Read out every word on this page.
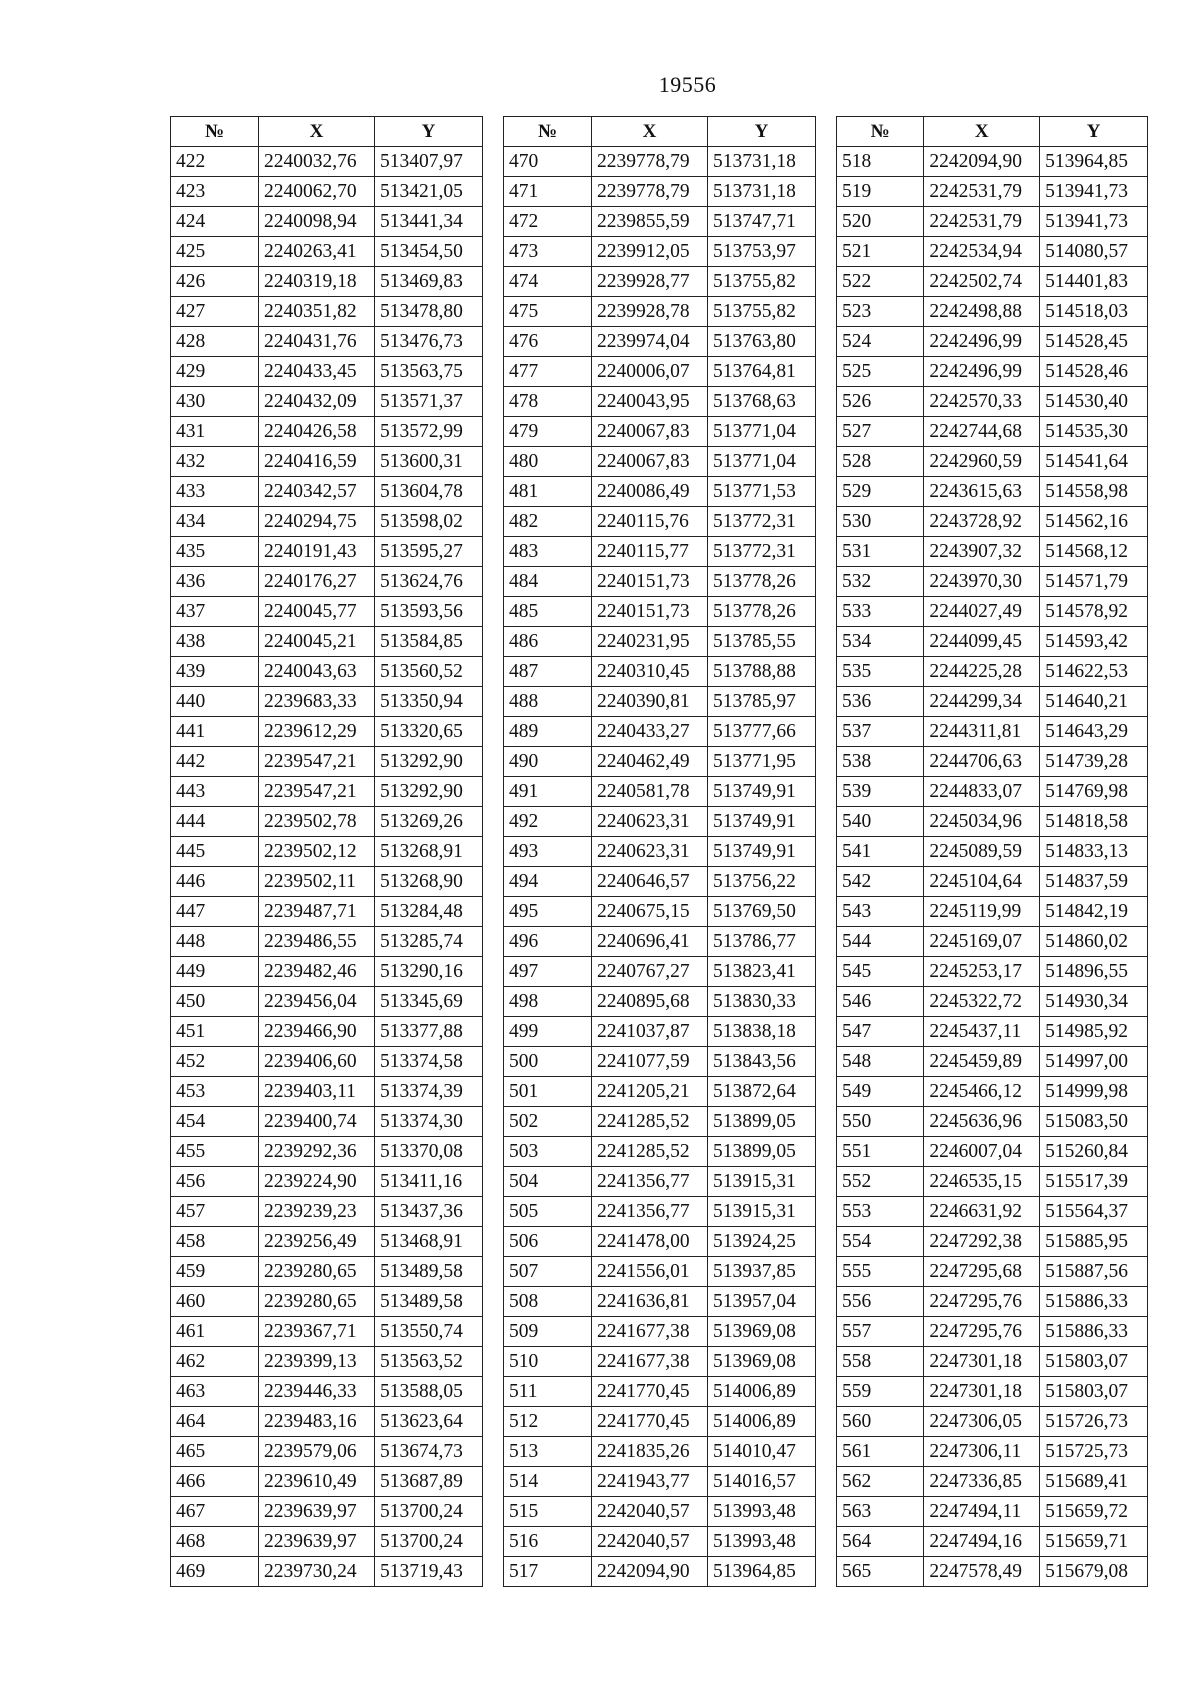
19556
№	X	Y
422	2240032,76	513407,97
423	2240062,70	513421,05
424	2240098,94	513441,34
425	2240263,41	513454,50
426	2240319,18	513469,83
427	2240351,82	513478,80
428	2240431,76	513476,73
429	2240433,45	513563,75
430	2240432,09	513571,37
431	2240426,58	513572,99
432	2240416,59	513600,31
433	2240342,57	513604,78
434	2240294,75	513598,02
435	2240191,43	513595,27
436	2240176,27	513624,76
437	2240045,77	513593,56
438	2240045,21	513584,85
439	2240043,63	513560,52
440	2239683,33	513350,94
441	2239612,29	513320,65
442	2239547,21	513292,90
443	2239547,21	513292,90
444	2239502,78	513269,26
445	2239502,12	513268,91
446	2239502,11	513268,90
447	2239487,71	513284,48
448	2239486,55	513285,74
449	2239482,46	513290,16
450	2239456,04	513345,69
451	2239466,90	513377,88
452	2239406,60	513374,58
453	2239403,11	513374,39
454	2239400,74	513374,30
455	2239292,36	513370,08
456	2239224,90	513411,16
457	2239239,23	513437,36
458	2239256,49	513468,91
459	2239280,65	513489,58
460	2239280,65	513489,58
461	2239367,71	513550,74
462	2239399,13	513563,52
463	2239446,33	513588,05
464	2239483,16	513623,64
465	2239579,06	513674,73
466	2239610,49	513687,89
467	2239639,97	513700,24
468	2239639,97	513700,24
469	2239730,24	513719,43
№	X	Y
470	2239778,79	513731,18
471	2239778,79	513731,18
472	2239855,59	513747,71
473	2239912,05	513753,97
474	2239928,77	513755,82
475	2239928,78	513755,82
476	2239974,04	513763,80
477	2240006,07	513764,81
478	2240043,95	513768,63
479	2240067,83	513771,04
480	2240067,83	513771,04
481	2240086,49	513771,53
482	2240115,76	513772,31
483	2240115,77	513772,31
484	2240151,73	513778,26
485	2240151,73	513778,26
486	2240231,95	513785,55
487	2240310,45	513788,88
488	2240390,81	513785,97
489	2240433,27	513777,66
490	2240462,49	513771,95
491	2240581,78	513749,91
492	2240623,31	513749,91
493	2240623,31	513749,91
494	2240646,57	513756,22
495	2240675,15	513769,50
496	2240696,41	513786,77
497	2240767,27	513823,41
498	2240895,68	513830,33
499	2241037,87	513838,18
500	2241077,59	513843,56
501	2241205,21	513872,64
502	2241285,52	513899,05
503	2241285,52	513899,05
504	2241356,77	513915,31
505	2241356,77	513915,31
506	2241478,00	513924,25
507	2241556,01	513937,85
508	2241636,81	513957,04
509	2241677,38	513969,08
510	2241677,38	513969,08
511	2241770,45	514006,89
512	2241770,45	514006,89
513	2241835,26	514010,47
514	2241943,77	514016,57
515	2242040,57	513993,48
516	2242040,57	513993,48
517	2242094,90	513964,85
№	X	Y
518	2242094,90	513964,85
519	2242531,79	513941,73
520	2242531,79	513941,73
521	2242534,94	514080,57
522	2242502,74	514401,83
523	2242498,88	514518,03
524	2242496,99	514528,45
525	2242496,99	514528,46
526	2242570,33	514530,40
527	2242744,68	514535,30
528	2242960,59	514541,64
529	2243615,63	514558,98
530	2243728,92	514562,16
531	2243907,32	514568,12
532	2243970,30	514571,79
533	2244027,49	514578,92
534	2244099,45	514593,42
535	2244225,28	514622,53
536	2244299,34	514640,21
537	2244311,81	514643,29
538	2244706,63	514739,28
539	2244833,07	514769,98
540	2245034,96	514818,58
541	2245089,59	514833,13
542	2245104,64	514837,59
543	2245119,99	514842,19
544	2245169,07	514860,02
545	2245253,17	514896,55
546	2245322,72	514930,34
547	2245437,11	514985,92
548	2245459,89	514997,00
549	2245466,12	514999,98
550	2245636,96	515083,50
551	2246007,04	515260,84
552	2246535,15	515517,39
553	2246631,92	515564,37
554	2247292,38	515885,95
555	2247295,68	515887,56
556	2247295,76	515886,33
557	2247295,76	515886,33
558	2247301,18	515803,07
559	2247301,18	515803,07
560	2247306,05	515726,73
561	2247306,11	515725,73
562	2247336,85	515689,41
563	2247494,11	515659,72
564	2247494,16	515659,71
565	2247578,49	515679,08
